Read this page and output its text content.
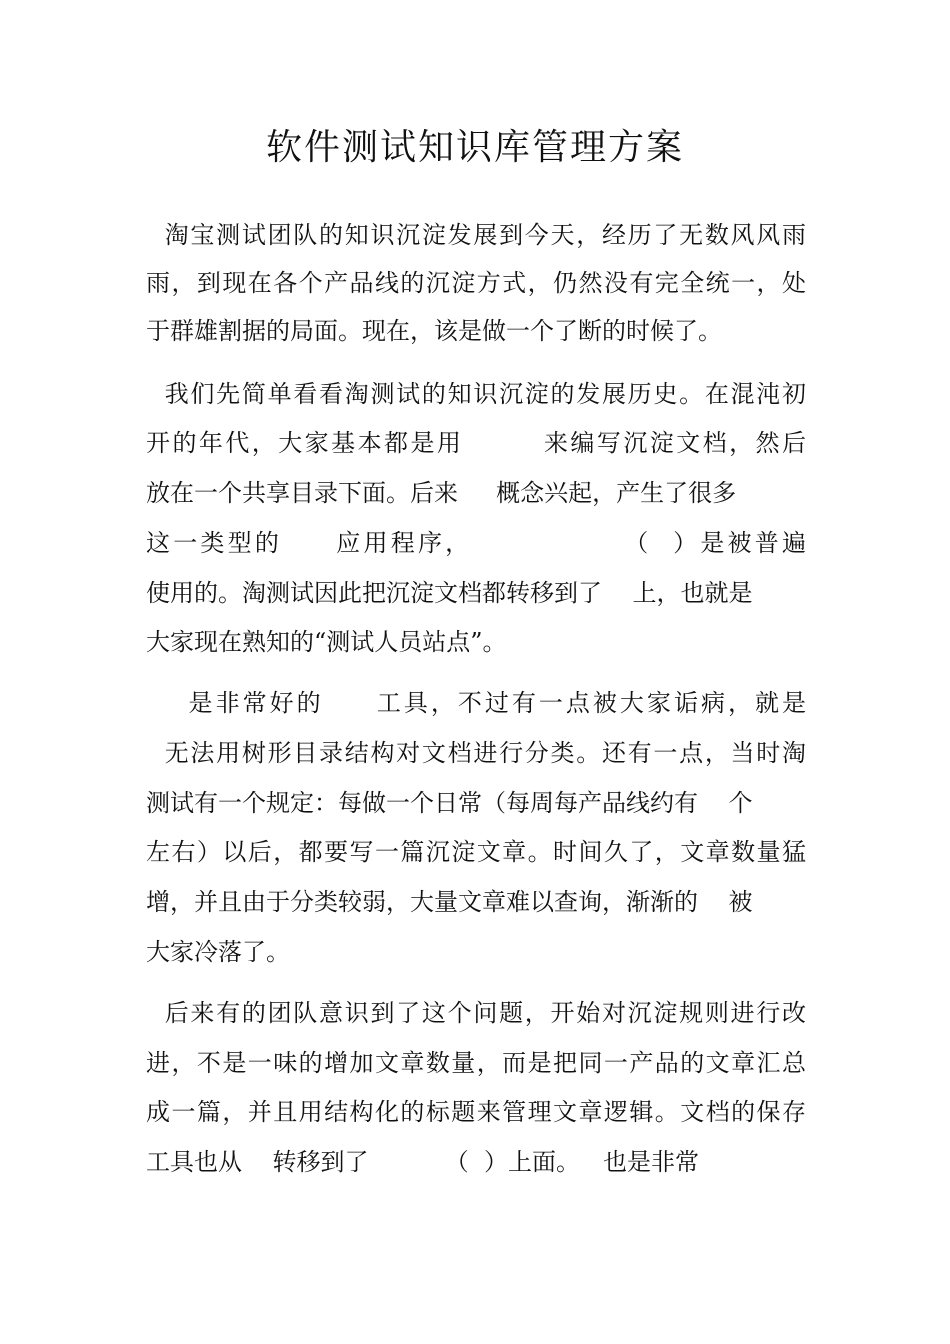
软件测试知识库管理方案
淘宝测试团队的知识沉淀发展到今天，经历了无数风风雨
雨，到现在各个产品线的沉淀方式，仍然没有完全统一，处
于群雄割据的局面。现在，该是做一个了断的时候了。
我们先简单看看淘测试的知识沉淀的发展历史。在混沌初
开的年代，大家基本都是用        来编写沉淀文档，然后
放在一个共享目录下面。后来     概念兴起，产生了很多
这一类型的     应用程序，              （  ）是被普遍
使用的。淘测试因此把沉淀文档都转移到了    上，也就是
大家现在熟知的“测试人员站点”。
是非常好的     工具，不过有一点被大家诟病，就是
无法用树形目录结构对文档进行分类。还有一点，当时淘
测试有一个规定：每做一个日常（每周每产品线约有    个
左右）以后，都要写一篇沉淀文章。时间久了，文章数量猛
增，并且由于分类较弱，大量文章难以查询，渐渐的    被
大家冷落了。
后来有的团队意识到了这个问题，开始对沉淀规则进行改
进，不是一味的增加文章数量，而是把同一产品的文章汇总
成一篇，并且用结构化的标题来管理文章逻辑。文档的保存
工具也从    转移到了          （  ）上面。   也是非常
